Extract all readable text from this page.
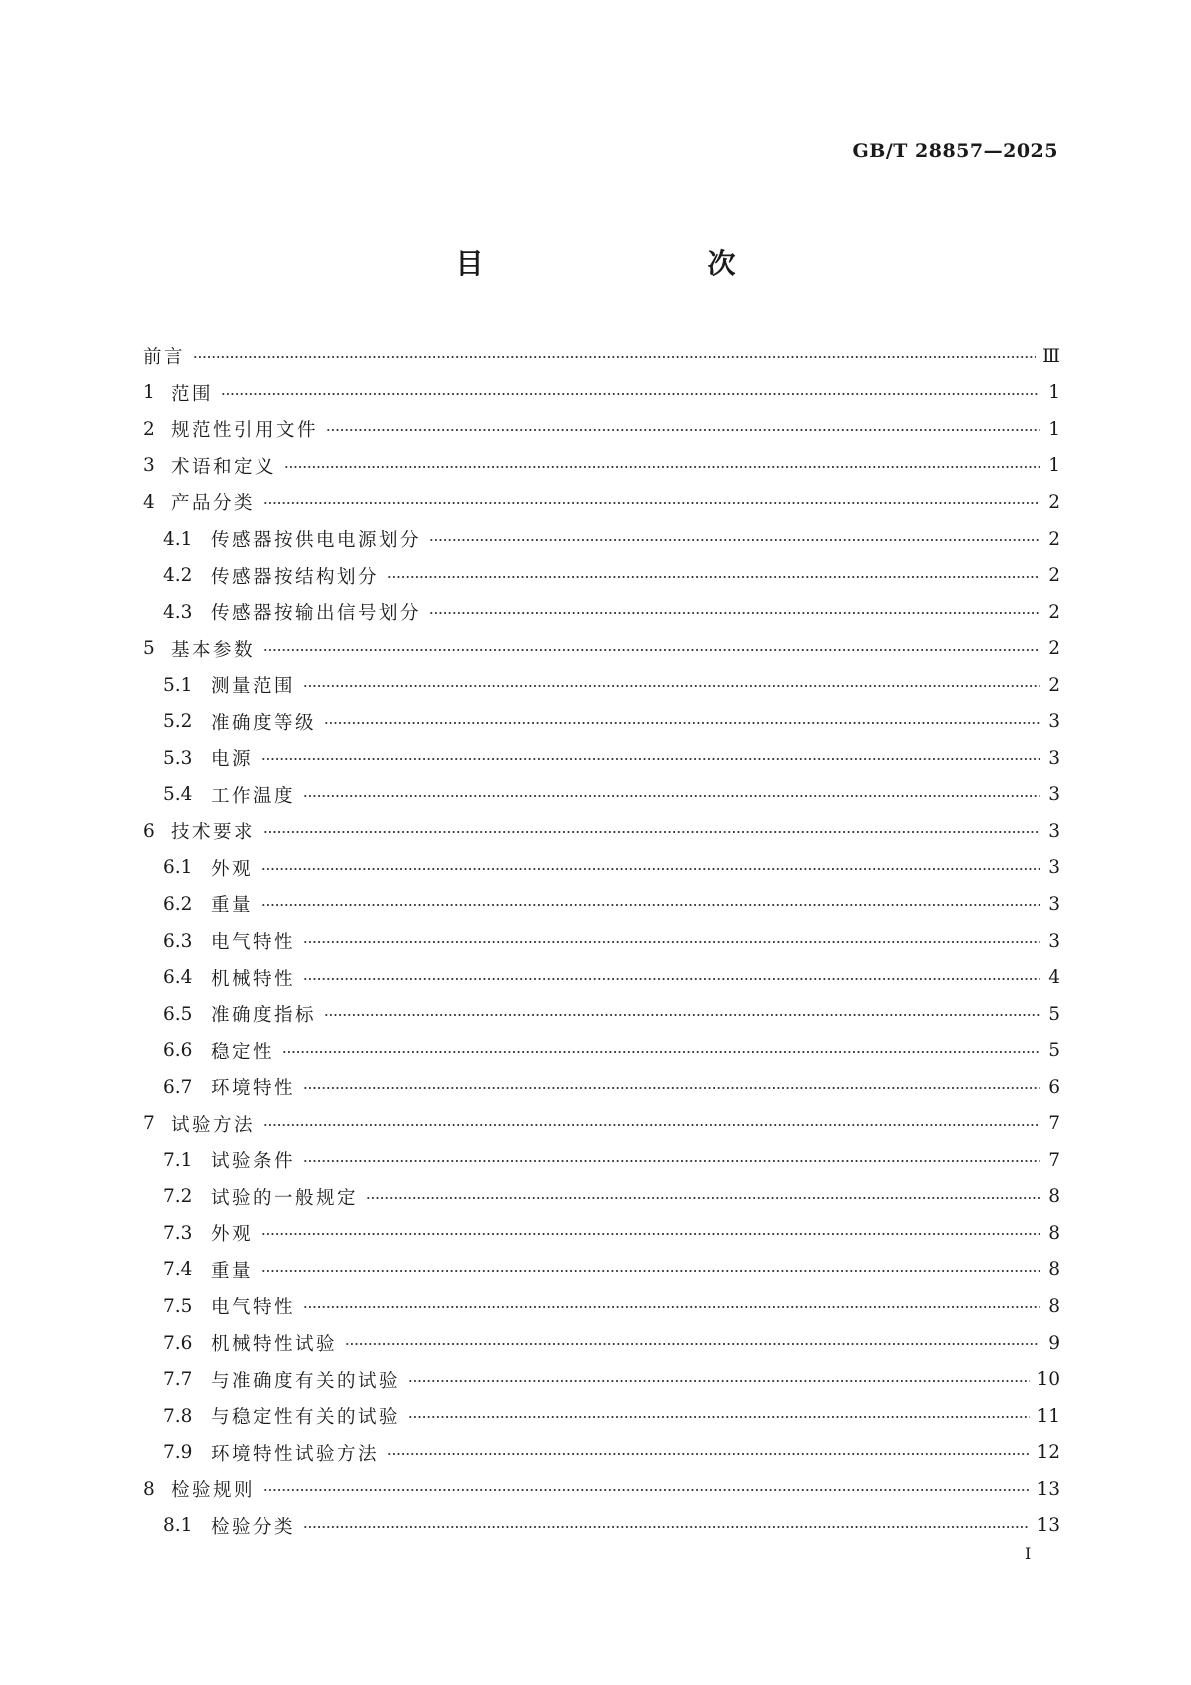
GB/T 28857—2025
目　　次
前言	Ⅲ
1 范围	1
2 规范性引用文件	1
3 术语和定义	1
4 产品分类	2
4.1	传感器按供电电源划分	2
4.2	传感器按结构划分	2
4.3	传感器按输出信号划分	2
5 基本参数	2
5.1	测量范围	2
5.2	准确度等级	3
5.3	电源	3
5.4	工作温度	3
6 技术要求	3
6.1	外观	3
6.2	重量	3
6.3	电气特性	3
6.4	机械特性	4
6.5	准确度指标	5
6.6	稳定性	5
6.7	环境特性	6
7 试验方法	7
7.1	试验条件	7
7.2	试验的一般规定	8
7.3	外观	8
7.4	重量	8
7.5	电气特性	8
7.6	机械特性试验	9
7.7	与准确度有关的试验	10
7.8	与稳定性有关的试验	11
7.9	环境特性试验方法	12
8 检验规则	13
8.1	检验分类	13
I
